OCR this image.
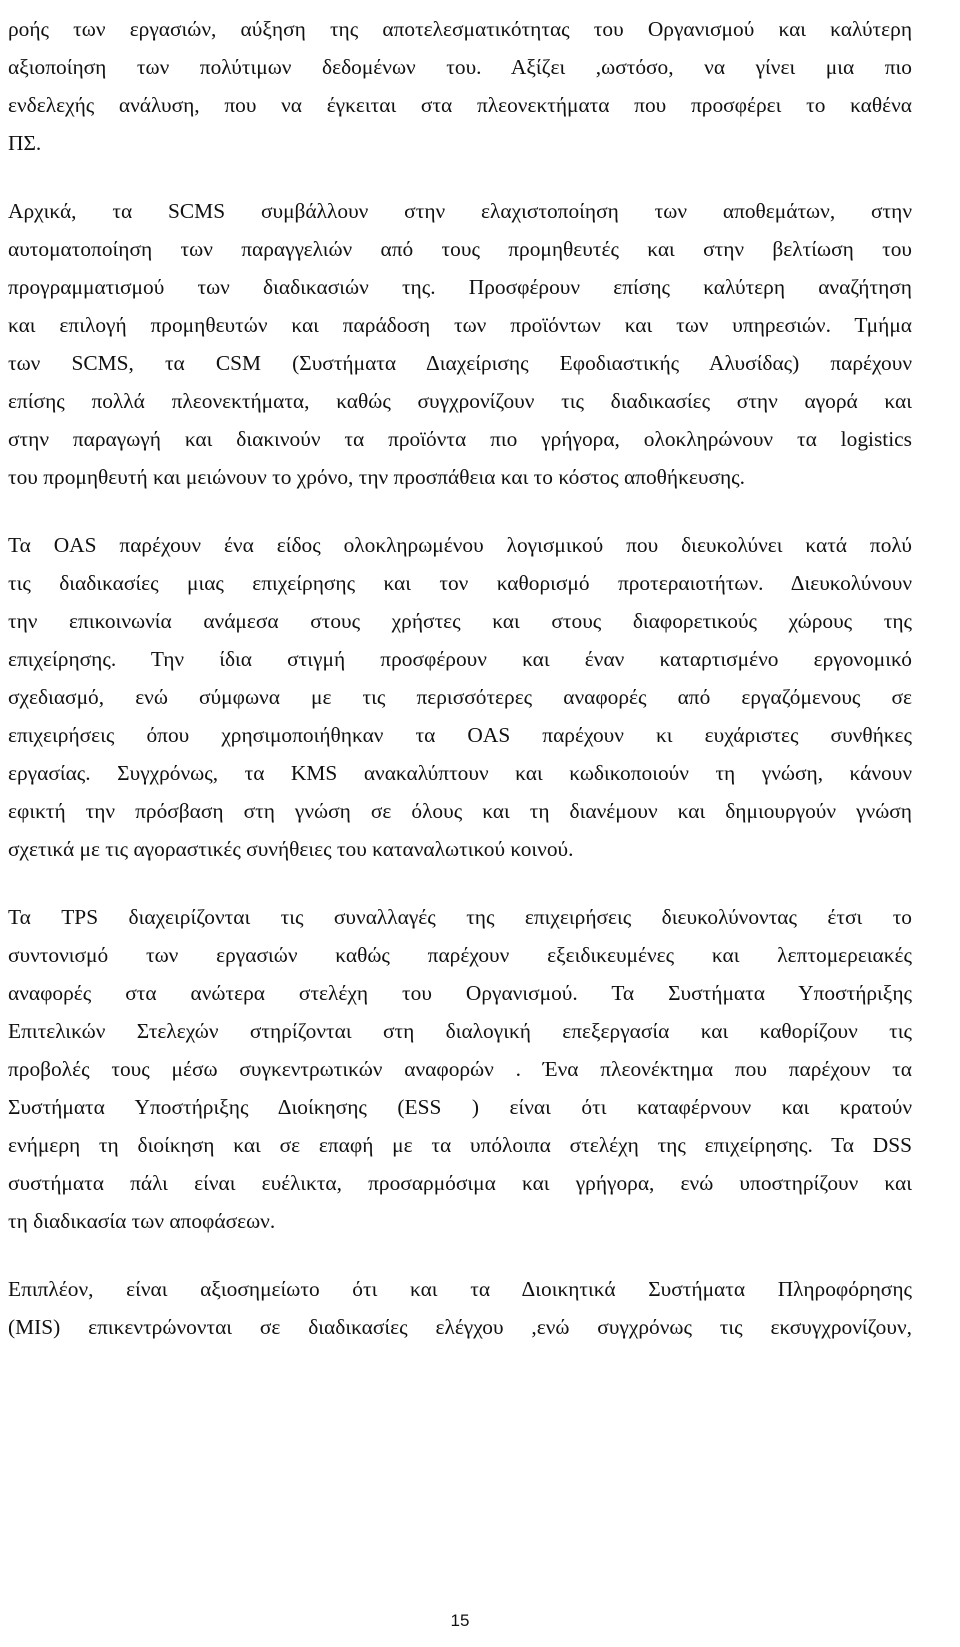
ροής των εργασιών, αύξηση της αποτελεσματικότητας του Οργανισμού και καλύτερη
αξιοποίηση των πολύτιμων δεδομένων του. Αξίζει ,ωστόσο, να γίνει μια πιο
ενδελεχής ανάλυση, που να έγκειται στα πλεονεκτήματα που προσφέρει το καθένα
ΠΣ.
Αρχικά, τα SCMS συμβάλλουν στην ελαχιστοποίηση των αποθεμάτων, στην
αυτοματοποίηση των παραγγελιών από τους προμηθευτές και στην βελτίωση του
προγραμματισμού των διαδικασιών της. Προσφέρουν επίσης καλύτερη αναζήτηση
και επιλογή προμηθευτών και παράδοση των προϊόντων και των υπηρεσιών. Τμήμα
των SCMS, τα CSM (Συστήματα Διαχείρισης Εφοδιαστικής Αλυσίδας) παρέχουν
επίσης πολλά πλεονεκτήματα, καθώς συγχρονίζουν τις διαδικασίες στην αγορά και
στην παραγωγή και διακινούν τα προϊόντα πιο γρήγορα, ολοκληρώνουν τα logistics
του προμηθευτή και μειώνουν το χρόνο, την προσπάθεια και το κόστος αποθήκευσης.
Τα OAS παρέχουν ένα είδος ολοκληρωμένου λογισμικού που διευκολύνει κατά πολύ
τις διαδικασίες μιας επιχείρησης και τον καθορισμό προτεραιοτήτων. Διευκολύνουν
την επικοινωνία ανάμεσα στους χρήστες και στους διαφορετικούς χώρους της
επιχείρησης. Την ίδια στιγμή προσφέρουν και έναν καταρτισμένο εργονομικό
σχεδιασμό, ενώ σύμφωνα με τις περισσότερες αναφορές από εργαζόμενους σε
επιχειρήσεις όπου χρησιμοποιήθηκαν τα OAS παρέχουν κι ευχάριστες συνθήκες
εργασίας. Συγχρόνως, τα KMS ανακαλύπτουν και κωδικοποιούν τη γνώση, κάνουν
εφικτή την πρόσβαση στη γνώση σε όλους και τη διανέμουν και δημιουργούν γνώση
σχετικά με τις αγοραστικές συνήθειες του καταναλωτικού κοινού.
Τα TPS διαχειρίζονται τις συναλλαγές της επιχειρήσεις διευκολύνοντας έτσι το
συντονισμό των εργασιών καθώς παρέχουν εξειδικευμένες και λεπτομερειακές
αναφορές στα ανώτερα στελέχη του Οργανισμού. Τα Συστήματα Υποστήριξης
Επιτελικών Στελεχών στηρίζονται στη διαλογική επεξεργασία και καθορίζουν τις
προβολές τους μέσω συγκεντρωτικών αναφορών . Ένα πλεονέκτημα που παρέχουν τα
Συστήματα Υποστήριξης Διοίκησης (ESS ) είναι ότι καταφέρνουν και κρατούν
ενήμερη τη διοίκηση και σε επαφή με τα υπόλοιπα στελέχη της επιχείρησης. Τα DSS
συστήματα πάλι είναι ευέλικτα, προσαρμόσιμα και γρήγορα, ενώ υποστηρίζουν και
τη διαδικασία των αποφάσεων.
Επιπλέον, είναι αξιοσημείωτο ότι και τα Διοικητικά Συστήματα Πληροφόρησης
(MIS) επικεντρώνονται σε διαδικασίες ελέγχου ,ενώ συγχρόνως τις εκσυγχρονίζουν,
15
